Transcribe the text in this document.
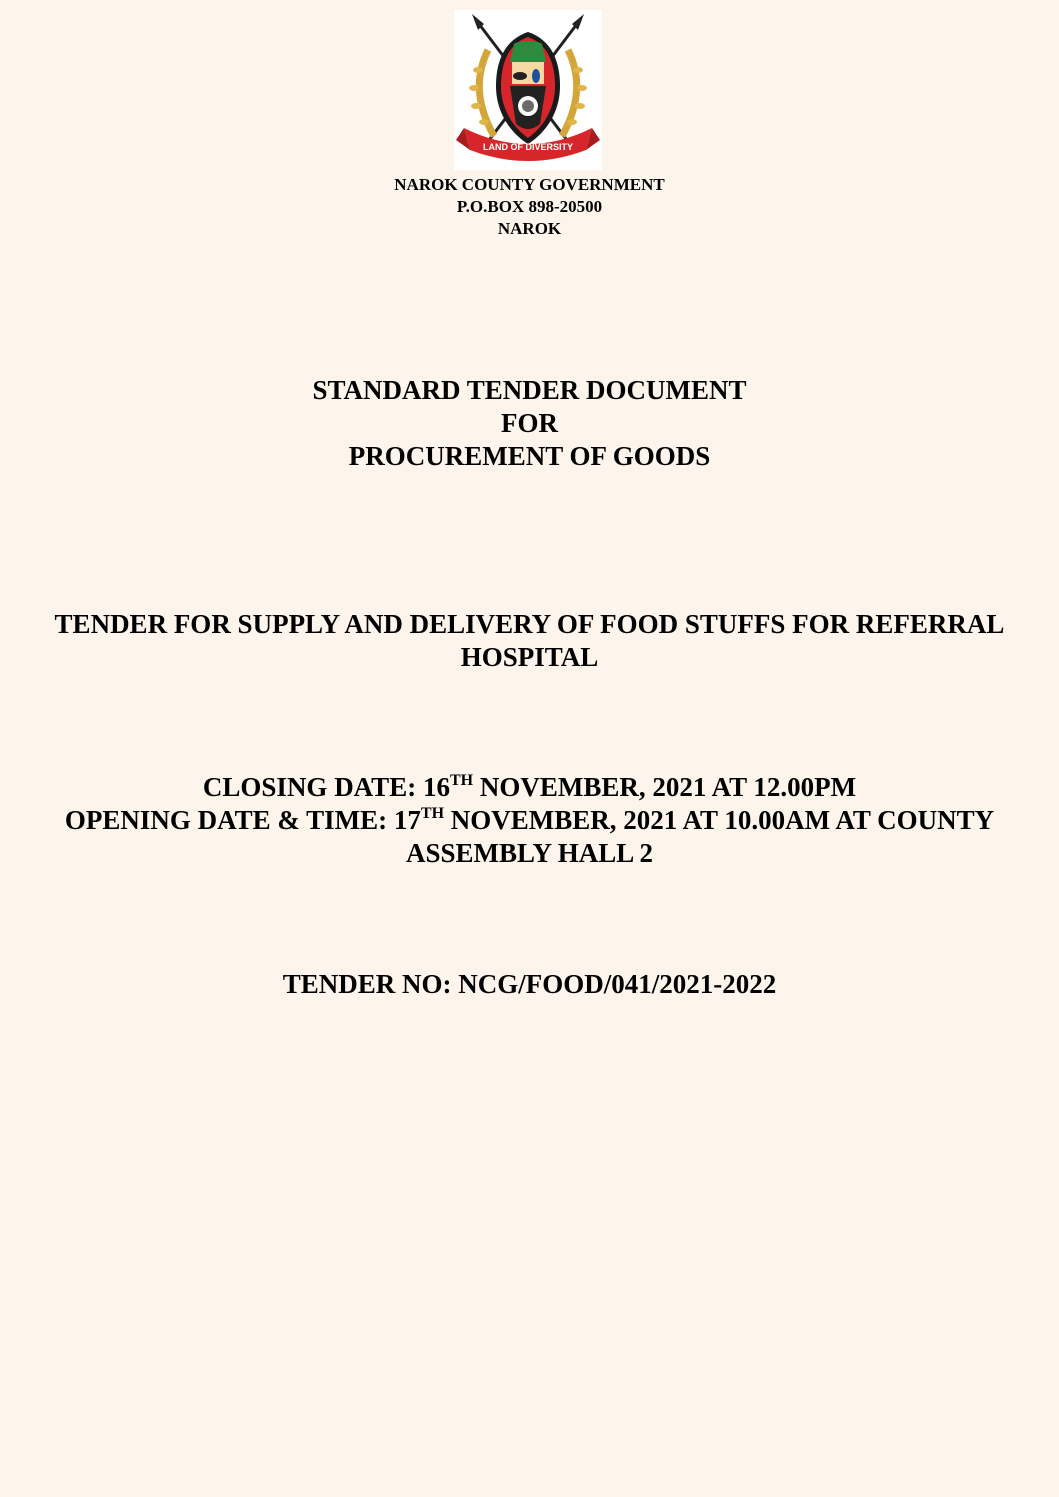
LAND OF DIVERSITY
NAROK COUNTY GOVERNMENT
P.O.BOX 898-20500
NAROK
STANDARD TENDER DOCUMENT
FOR
PROCUREMENT OF GOODS
TENDER FOR SUPPLY AND DELIVERY OF FOOD STUFFS FOR REFERRAL HOSPITAL
CLOSING DATE: 16TH NOVEMBER, 2021 AT 12.00PM
OPENING DATE & TIME: 17TH NOVEMBER, 2021 AT 10.00AM AT COUNTY ASSEMBLY HALL 2
TENDER NO: NCG/FOOD/041/2021-2022
